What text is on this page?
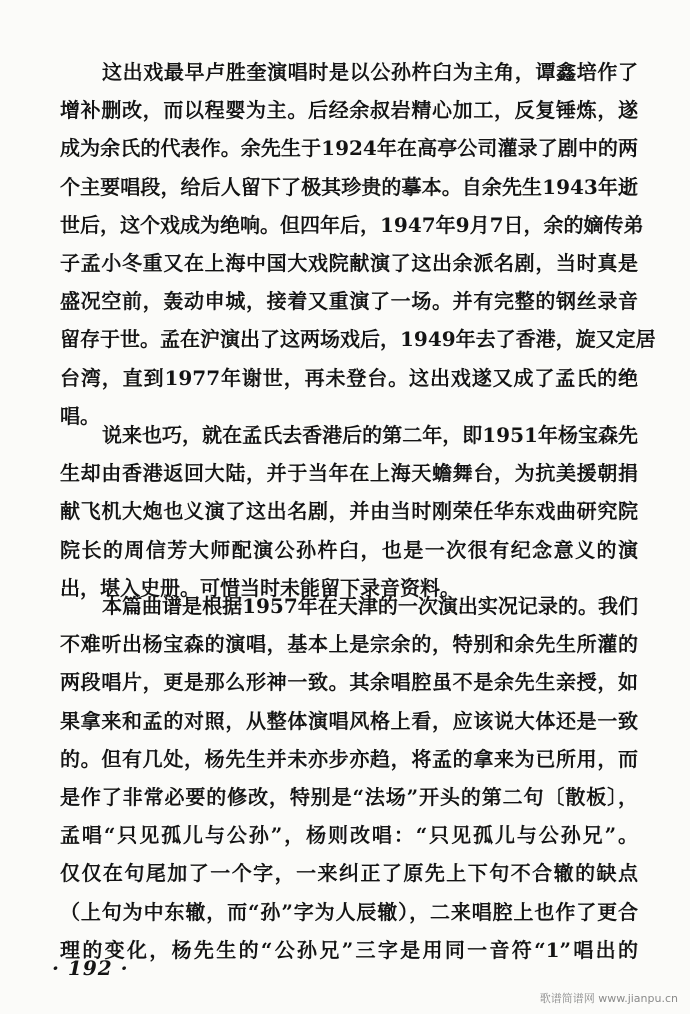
这出戏最早卢胜奎演唱时是以公孙杵臼为主角，谭鑫培作了
增补删改，而以程婴为主。后经余叔岩精心加工，反复锤炼，遂
成为余氏的代表作。余先生于1924年在高亭公司灌录了剧中的两
个主要唱段，给后人留下了极其珍贵的摹本。自余先生1943年逝
世后，这个戏成为绝响。但四年后，1947年9月7日，余的嫡传弟
子孟小冬重又在上海中国大戏院献演了这出余派名剧，当时真是
盛况空前，轰动申城，接着又重演了一场。并有完整的钢丝录音
留存于世。孟在沪演出了这两场戏后，1949年去了香港，旋又定居
台湾，直到1977年谢世，再未登台。这出戏遂又成了孟氏的绝
唱。
说来也巧，就在孟氏去香港后的第二年，即1951年杨宝森先
生却由香港返回大陆，并于当年在上海天蟾舞台，为抗美援朝捐
献飞机大炮也义演了这出名剧，并由当时刚荣任华东戏曲研究院
院长的周信芳大师配演公孙杵臼，也是一次很有纪念意义的演
出，堪入史册。可惜当时未能留下录音资料。
本篇曲谱是根据1957年在天津的一次演出实况记录的。我们
不难听出杨宝森的演唱，基本上是宗余的，特别和余先生所灌的
两段唱片，更是那么形神一致。其余唱腔虽不是余先生亲授，如
果拿来和孟的对照，从整体演唱风格上看，应该说大体还是一致
的。但有几处，杨先生并未亦步亦趋，将孟的拿来为已所用，而
是作了非常必要的修改，特别是“法场”开头的第二句〔散板〕，
孟唱“只见孤儿与公孙”，杨则改唱：“只见孤儿与公孙兄”。
仅仅在句尾加了一个字，一来纠正了原先上下句不合辙的缺点
（上句为中东辙，而“孙”字为人辰辙），二来唱腔上也作了更合
理的变化，杨先生的“公孙兄”三字是用同一音符“1”唱出的
· 192 ·
歌谱简谱网 www.jianpu.cn
